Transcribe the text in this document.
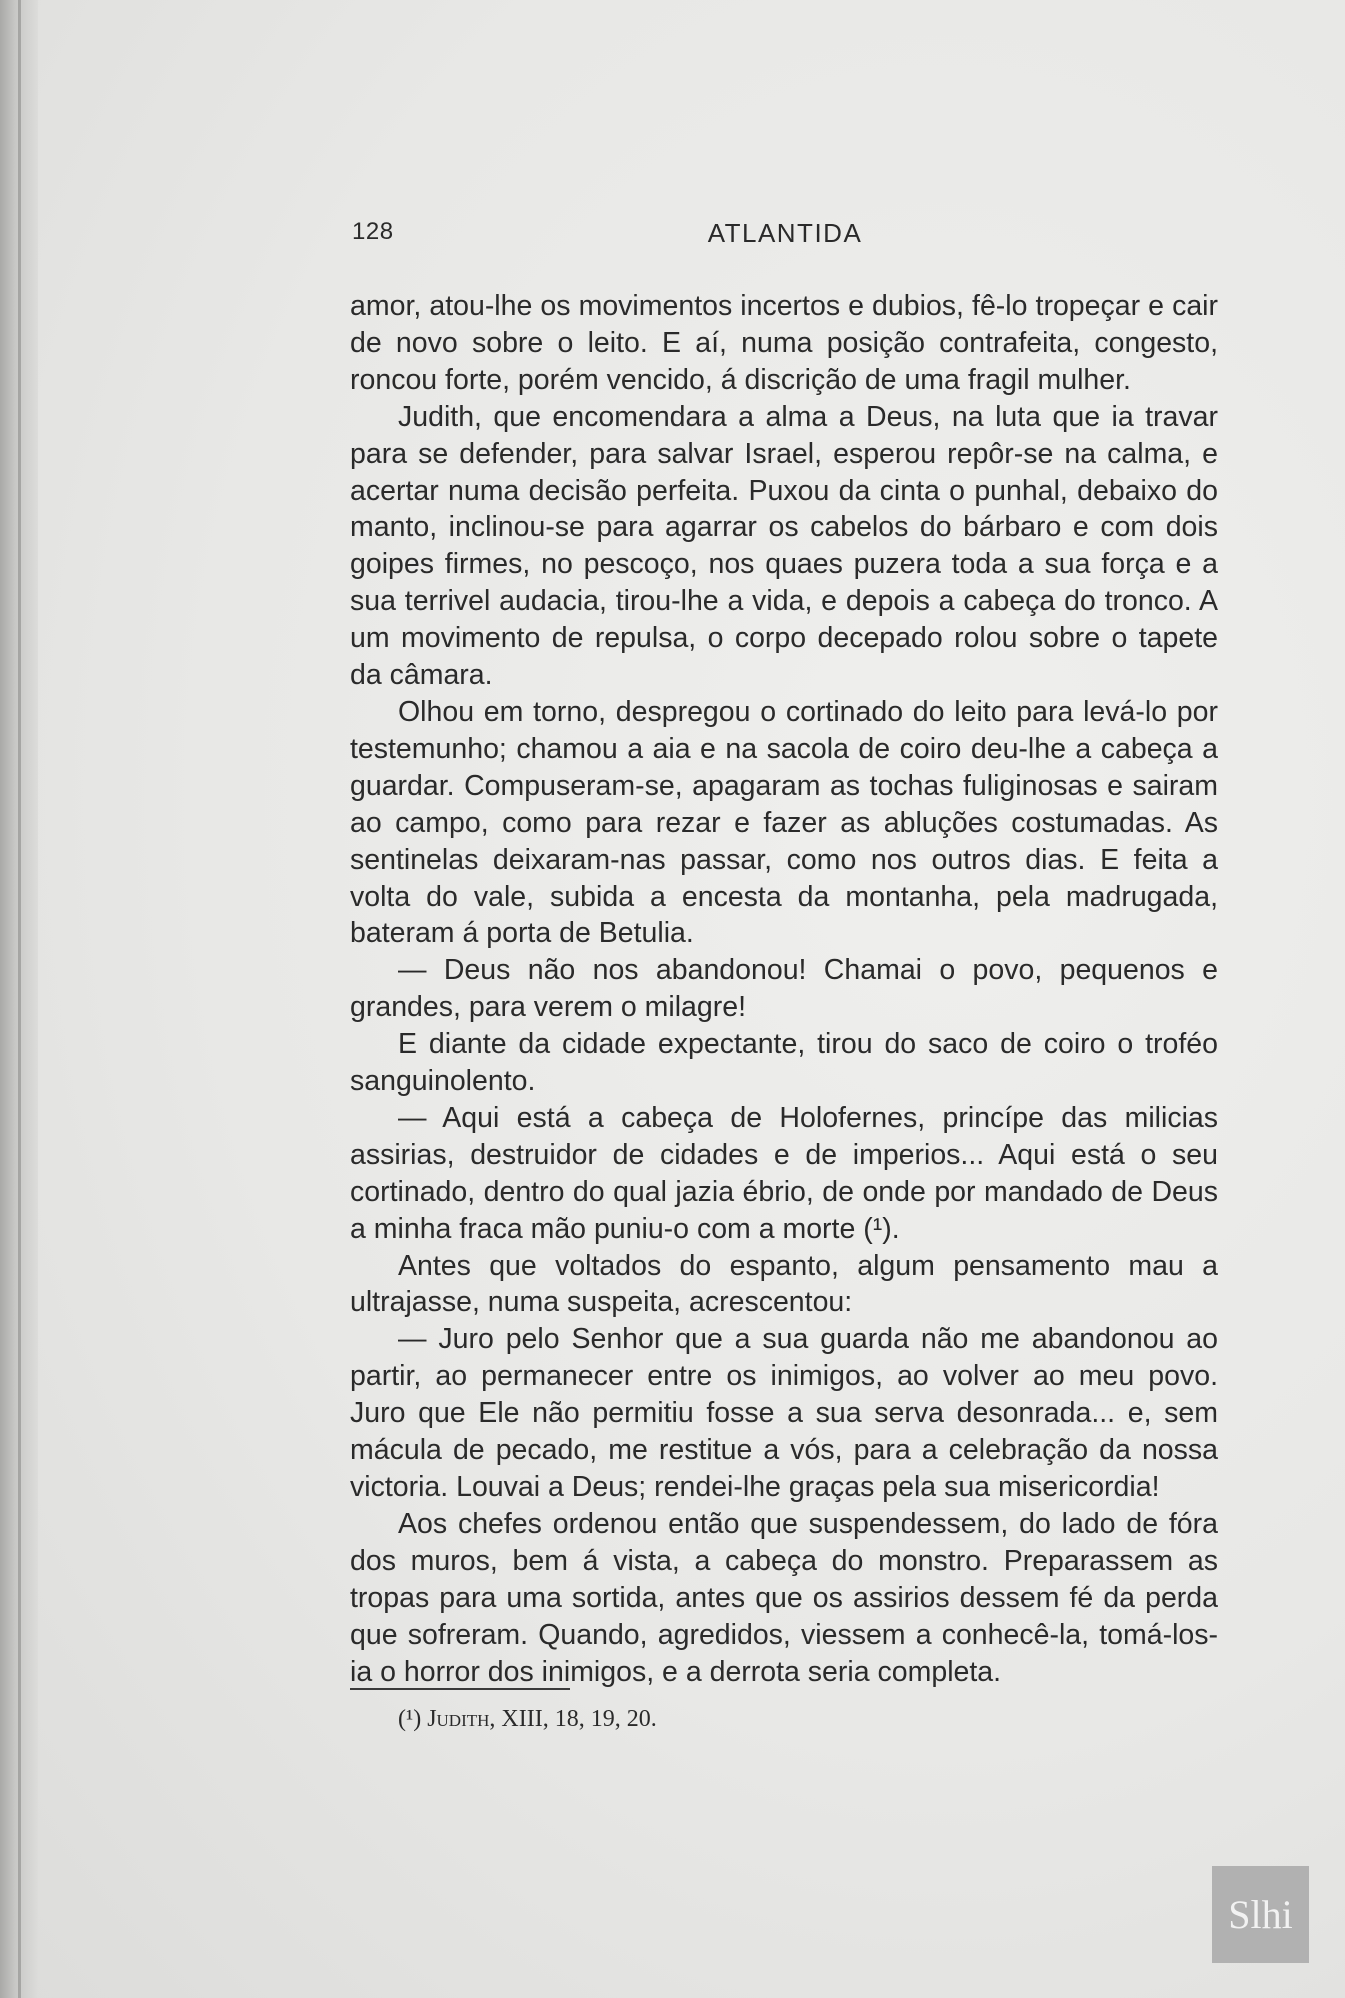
128	ATLANTIDA

amor, atou-lhe os movimentos incertos e dubios, fê-lo tropeçar e cair de novo sobre o leito. E aí, numa posição contrafeita, congesto, roncou forte, porém vencido, á discrição de uma fragil mulher.

Judith, que encomendara a alma a Deus, na luta que ia travar para se defender, para salvar Israel, esperou repôr-se na calma, e acertar numa decisão perfeita. Puxou da cinta o punhal, debaixo do manto, inclinou-se para agarrar os cabelos do bárbaro e com dois goipes firmes, no pescoço, nos quaes puzera toda a sua força e a sua terrivel audacia, tirou-lhe a vida, e depois a cabeça do tronco. A um movimento de repulsa, o corpo decepado rolou sobre o tapete da câmara.

Olhou em torno, despregou o cortinado do leito para levá-lo por testemunho; chamou a aia e na sacola de coiro deu-lhe a cabeça a guardar. Compuseram-se, apagaram as tochas fuliginosas e sairam ao campo, como para rezar e fazer as abluções costumadas. As sentinelas deixaram-nas passar, como nos outros dias. E feita a volta do vale, subida a encesta da montanha, pela madrugada, bateram á porta de Betulia.

— Deus não nos abandonou! Chamai o povo, pequenos e grandes, para verem o milagre!

E diante da cidade expectante, tirou do saco de coiro o troféo sanguinolento.

— Aqui está a cabeça de Holofernes, princípe das milicias assirias, destruidor de cidades e de imperios... Aqui está o seu cortinado, dentro do qual jazia ébrio, de onde por mandado de Deus a minha fraca mão puniu-o com a morte (¹).

Antes que voltados do espanto, algum pensamento mau a ultrajasse, numa suspeita, acrescentou:

— Juro pelo Senhor que a sua guarda não me abandonou ao partir, ao permanecer entre os inimigos, ao volver ao meu povo. Juro que Ele não permitiu fosse a sua serva desonrada... e, sem mácula de pecado, me restitue a vós, para a celebração da nossa victoria. Louvai a Deus; rendei-lhe graças pela sua misericordia!

Aos chefes ordenou então que suspendessem, do lado de fóra dos muros, bem á vista, a cabeça do monstro. Preparassem as tropas para uma sortida, antes que os assirios dessem fé da perda que sofreram. Quando, agredidos, viessem a conhecê-la, tomá-los-ia o horror dos inimigos, e a derrota seria completa.

(¹) Judith, XIII, 18, 19, 20.
Slhi
